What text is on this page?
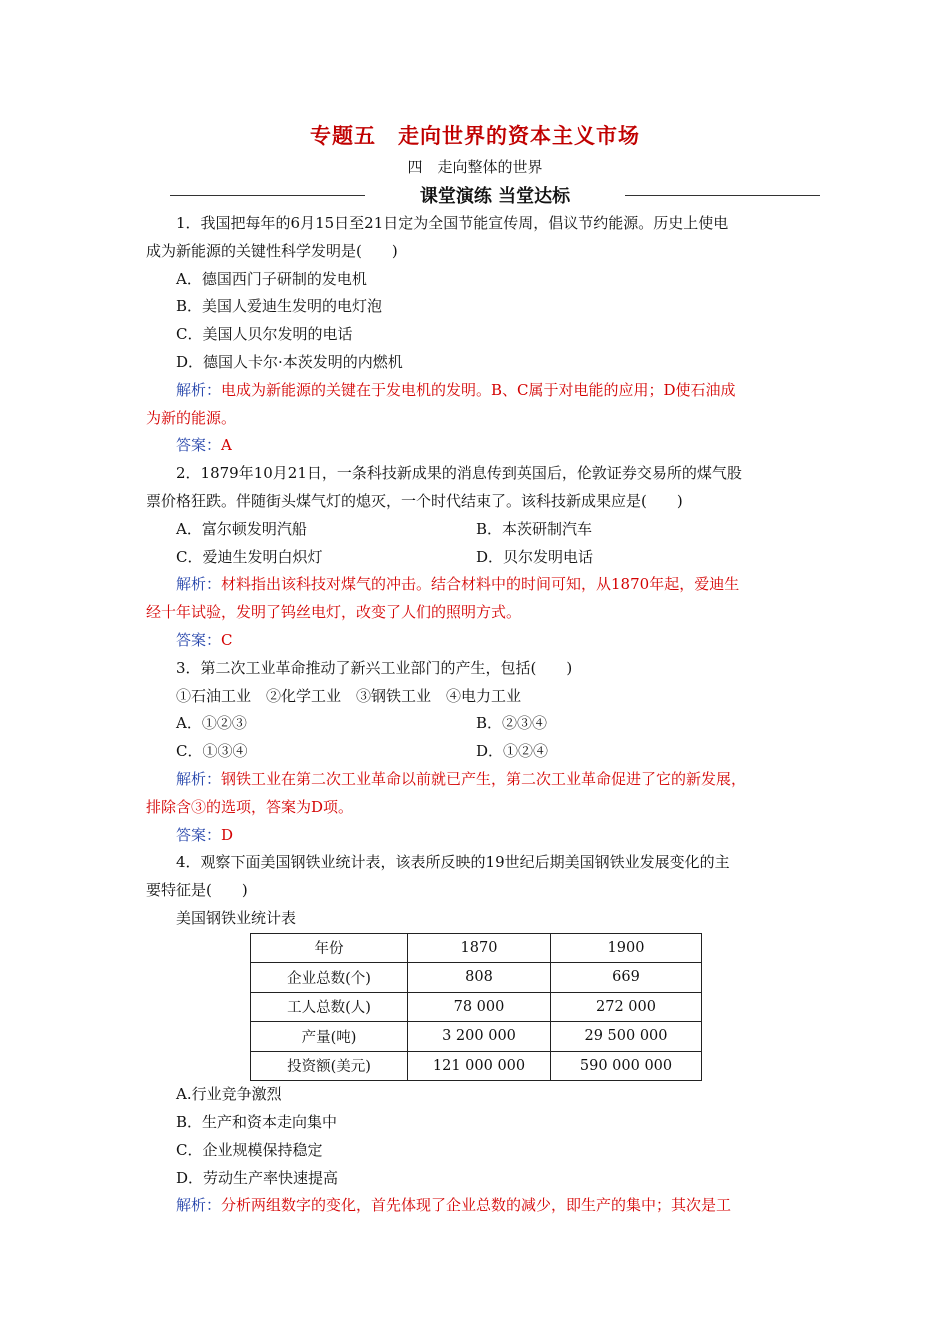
专题五　走向世界的资本主义市场
四　走向整体的世界
课堂演练 当堂达标
1．我国把每年的6月15日至21日定为全国节能宣传周，倡议节约能源。历史上使电
成为新能源的关键性科学发明是(　　)
A．德国西门子研制的发电机
B．美国人爱迪生发明的电灯泡
C．美国人贝尔发明的电话
D．德国人卡尔·本茨发明的内燃机
解析：电成为新能源的关键在于发电机的发明。B、C属于对电能的应用；D使石油成
为新的能源。
答案：A
2．1879年10月21日，一条科技新成果的消息传到英国后，伦敦证券交易所的煤气股
票价格狂跌。伴随街头煤气灯的熄灭，一个时代结束了。该科技新成果应是(　　)
A．富尔顿发明汽船	B．本茨研制汽车
C．爱迪生发明白炽灯	D．贝尔发明电话
解析：材料指出该科技对煤气的冲击。结合材料中的时间可知，从1870年起，爱迪生
经十年试验，发明了钨丝电灯，改变了人们的照明方式。
答案：C
3．第二次工业革命推动了新兴工业部门的产生，包括(　　)
①石油工业　②化学工业　③钢铁工业　④电力工业
A．①②③	B．②③④
C．①③④	D．①②④
解析：钢铁工业在第二次工业革命以前就已产生，第二次工业革命促进了它的新发展，
排除含③的选项，答案为D项。
答案：D
4．观察下面美国钢铁业统计表，该表所反映的19世纪后期美国钢铁业发展变化的主
要特征是(　　)
美国钢铁业统计表
年份	1870	1900
企业总数(个)	808	669
工人总数(人)	78 000	272 000
产量(吨)	3 200 000	29 500 000
投资额(美元)	121 000 000	590 000 000
A.行业竞争激烈
B．生产和资本走向集中
C．企业规模保持稳定
D．劳动生产率快速提高
解析：分析两组数字的变化，首先体现了企业总数的减少，即生产的集中；其次是工
